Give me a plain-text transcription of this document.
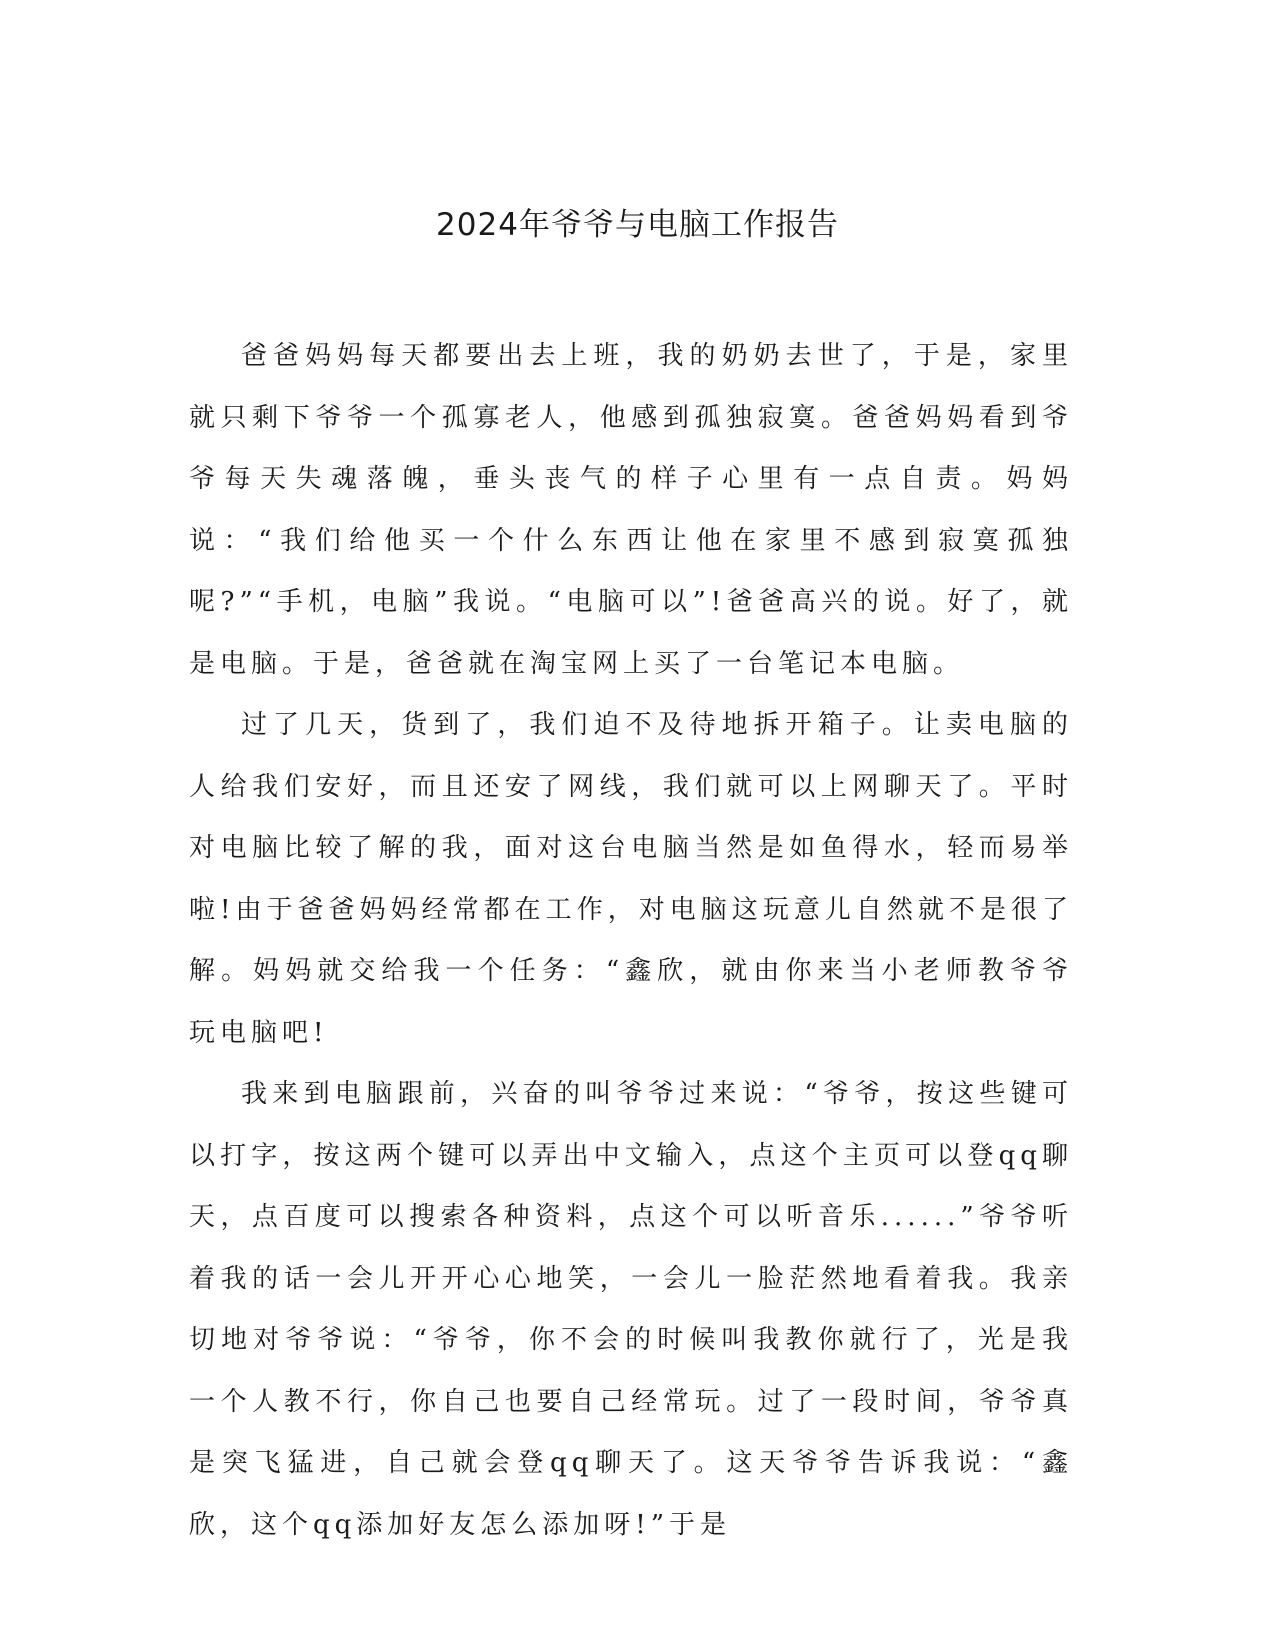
2024年爷爷与电脑工作报告

爸爸妈妈每天都要出去上班，我的奶奶去世了，于是，家里就只剩下爷爷一个孤寡老人，他感到孤独寂寞。爸爸妈妈看到爷爷每天失魂落魄，垂头丧气的样子心里有一点自责。妈妈说：“我们给他买一个什么东西让他在家里不感到寂寞孤独呢?”“手机，电脑”我说。“电脑可以”!爸爸高兴的说。好了，就是电脑。于是，爸爸就在淘宝网上买了一台笔记本电脑。

过了几天，货到了，我们迫不及待地拆开箱子。让卖电脑的人给我们安好，而且还安了网线，我们就可以上网聊天了。平时对电脑比较了解的我，面对这台电脑当然是如鱼得水，轻而易举啦!由于爸爸妈妈经常都在工作，对电脑这玩意儿自然就不是很了解。妈妈就交给我一个任务：“鑫欣，就由你来当小老师教爷爷玩电脑吧!

我来到电脑跟前，兴奋的叫爷爷过来说：“爷爷，按这些键可以打字，按这两个键可以弄出中文输入，点这个主页可以登qq聊天，点百度可以搜索各种资料，点这个可以听音乐......”爷爷听着我的话一会儿开开心心地笑，一会儿一脸茫然地看着我。我亲切地对爷爷说：“爷爷，你不会的时候叫我教你就行了，光是我一个人教不行，你自己也要自己经常玩。过了一段时间，爷爷真是突飞猛进，自己就会登qq聊天了。这天爷爷告诉我说：“鑫欣，这个qq添加好友怎么添加呀!”于是
